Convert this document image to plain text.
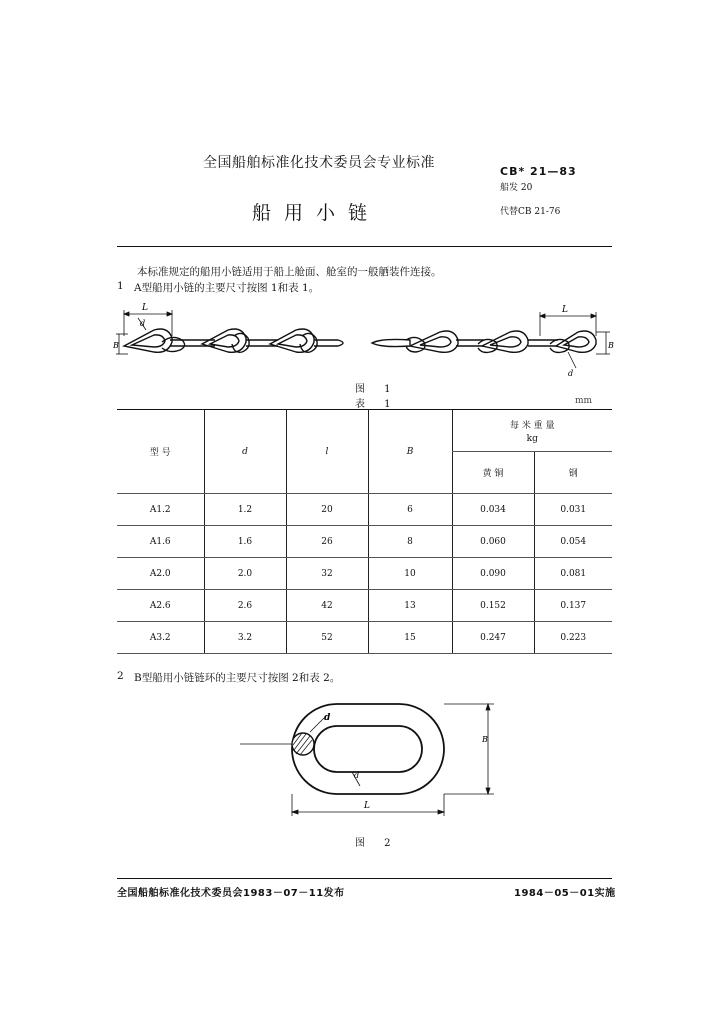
全国船舶标准化技术委员会专业标准
CB* 21—83
船发 20
船用小链	代替CB 21-76
本标准规定的船用小链适用于船上舱面、舱室的一般舾装件连接。
1 A型船用小链的主要尺寸按图 1和表 1。
L
d
B
L
B
d
图 1
表 1	mm
型 号	d	l	B	每 米 重 量
kg	

				黄 铜	钢
A1.2	1.2	20	6	0.034	0.031
A1.6	1.6	26	8	0.060	0.054
A2.0	2.0	32	10	0.090	0.081
A2.6	2.6	42	13	0.152	0.137
A3.2	3.2	52	15	0.247	0.223
2 B型船用小链链环的主要尺寸按图 2和表 2。
d
d
B
L
图 2
全国船舶标准化技术委员会1983－07－11发布	1984－05－01实施
